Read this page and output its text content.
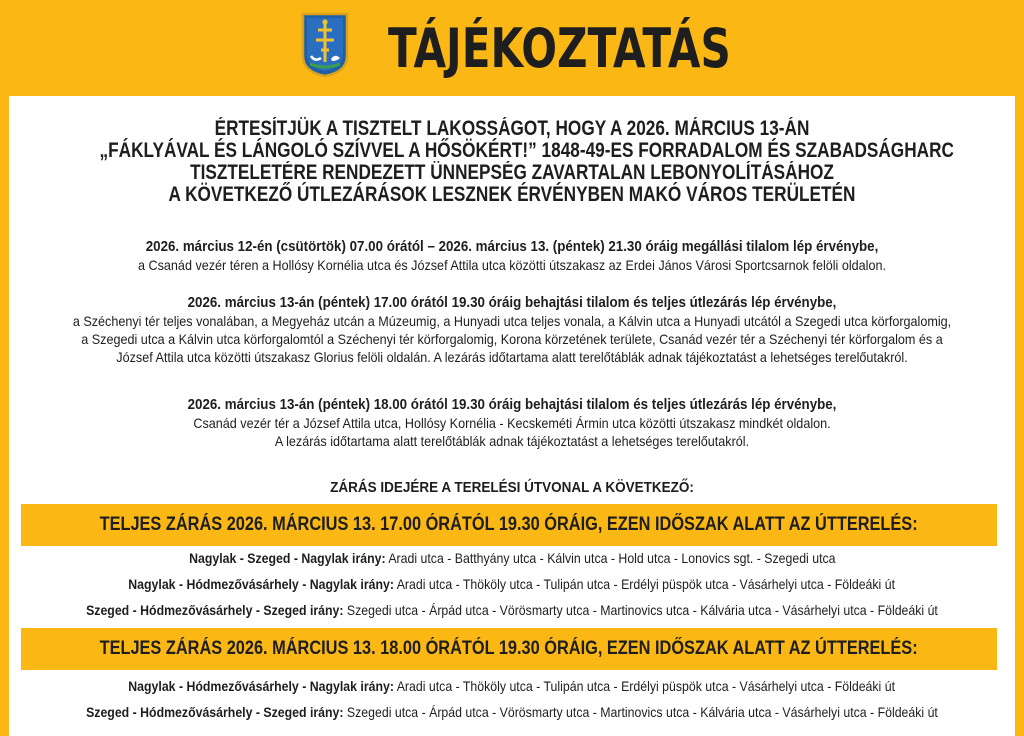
TÁJÉKOZTATÁS
ÉRTESÍTJÜK A TISZTELT LAKOSSÁGOT, HOGY A 2026. MÁRCIUS 13-ÁN
„FÁKLYÁVAL ÉS LÁNGOLÓ SZÍVVEL A HŐSÖKÉRT!” 1848-49-ES FORRADALOM ÉS SZABADSÁGHARC
TISZTELETÉRE RENDEZETT ÜNNEPSÉG ZAVARTALAN LEBONYOLÍTÁSÁHOZ
A KÖVETKEZŐ ÚTLEZÁRÁSOK LESZNEK ÉRVÉNYBEN MAKÓ VÁROS TERÜLETÉN
2026. március 12-én (csütörtök) 07.00 órától – 2026. március 13. (péntek) 21.30 óráig megállási tilalom lép érvénybe,
a Csanád vezér téren a Hollósy Kornélia utca és József Attila utca közötti útszakasz az Erdei János Városi Sportcsarnok felöli oldalon.
2026. március 13-án (péntek) 17.00 órától 19.30 óráig behajtási tilalom és teljes útlezárás lép érvénybe,
a Széchenyi tér teljes vonalában, a Megyeház utcán a Múzeumig, a Hunyadi utca teljes vonala, a Kálvin utca a Hunyadi utcától a Szegedi utca körforgalomig,
a Szegedi utca a Kálvin utca körforgalomtól a Széchenyi tér körforgalomig, Korona körzetének területe, Csanád vezér tér a Széchenyi tér körforgalom és a
József Attila utca közötti útszakasz Glorius felöli oldalán. A lezárás időtartama alatt terelőtáblák adnak tájékoztatást a lehetséges terelőutakról.
2026. március 13-án (péntek) 18.00 órától 19.30 óráig behajtási tilalom és teljes útlezárás lép érvénybe,
Csanád vezér tér a József Attila utca, Hollósy Kornélia - Kecskeméti Ármin utca közötti útszakasz mindkét oldalon.
A lezárás időtartama alatt terelőtáblák adnak tájékoztatást a lehetséges terelőutakról.
ZÁRÁS IDEJÉRE A TERELÉSI ÚTVONAL A KÖVETKEZŐ:
TELJES ZÁRÁS 2026. MÁRCIUS 13. 17.00 ÓRÁTÓL 19.30 ÓRÁIG, EZEN IDŐSZAK ALATT AZ ÚTTERELÉS:
Nagylak - Szeged - Nagylak irány: Aradi utca - Batthyány utca - Kálvin utca - Hold utca - Lonovics sgt. - Szegedi utca
Nagylak - Hódmezővásárhely - Nagylak irány: Aradi utca - Thököly utca - Tulipán utca - Erdélyi püspök utca - Vásárhelyi utca - Földeáki út
Szeged - Hódmezővásárhely - Szeged irány: Szegedi utca - Árpád utca - Vörösmarty utca - Martinovics utca - Kálvária utca - Vásárhelyi utca - Földeáki út
TELJES ZÁRÁS 2026. MÁRCIUS 13. 18.00 ÓRÁTÓL 19.30 ÓRÁIG, EZEN IDŐSZAK ALATT AZ ÚTTERELÉS:
Nagylak - Hódmezővásárhely - Nagylak irány: Aradi utca - Thököly utca - Tulipán utca - Erdélyi püspök utca - Vásárhelyi utca - Földeáki út
Szeged - Hódmezővásárhely - Szeged irány: Szegedi utca - Árpád utca - Vörösmarty utca - Martinovics utca - Kálvária utca - Vásárhelyi utca - Földeáki út
